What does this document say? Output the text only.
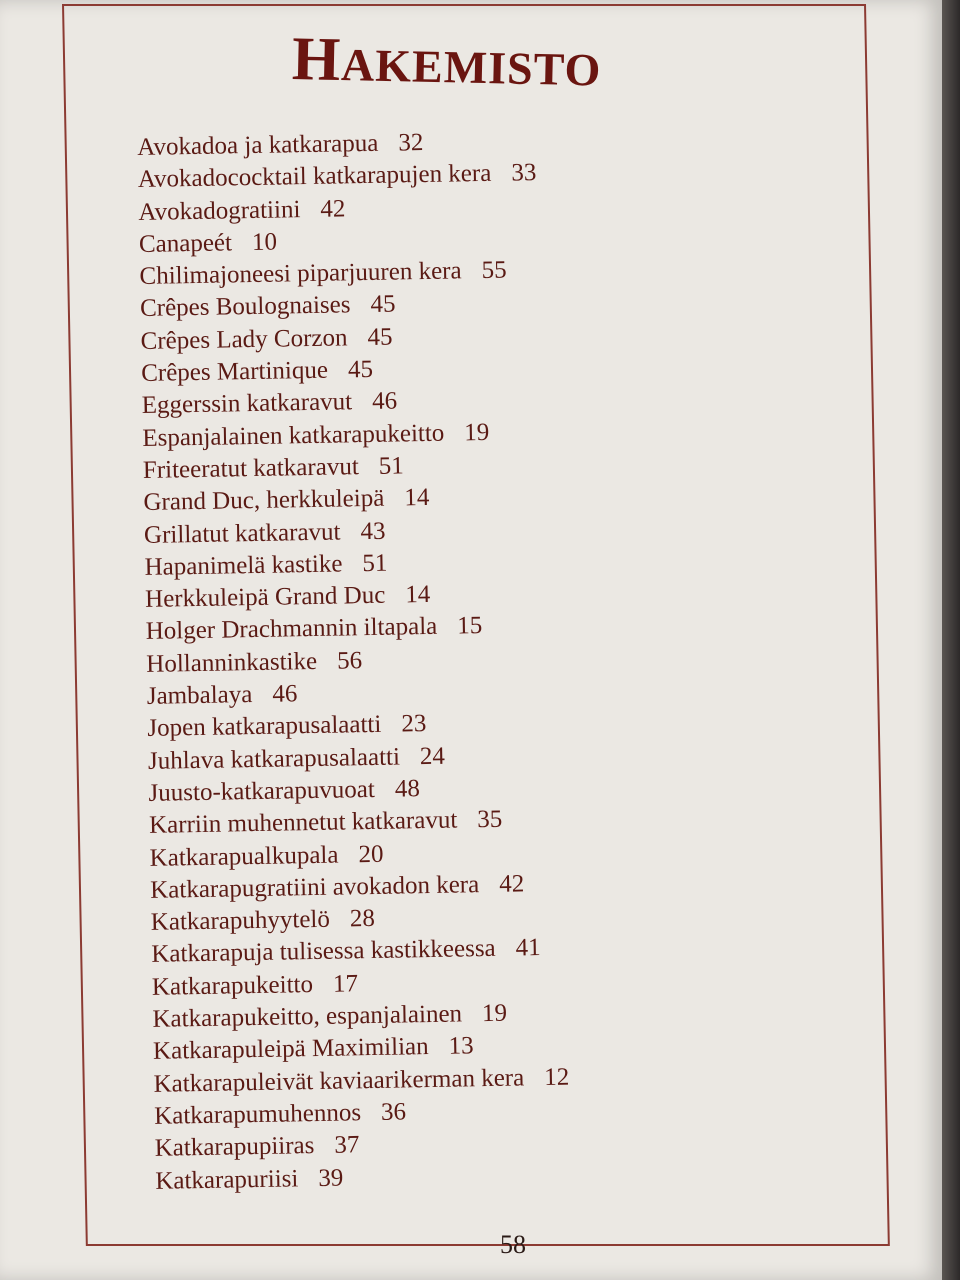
HAKEMISTO
Avokadoa ja katkarapua 32
Avokadococktail katkarapujen kera 33
Avokadogratiini 42
Canapeét 10
Chilimajoneesi piparjuuren kera 55
Crêpes Boulognaises 45
Crêpes Lady Corzon 45
Crêpes Martinique 45
Eggerssin katkaravut 46
Espanjalainen katkarapukeitto 19
Friteeratut katkaravut 51
Grand Duc, herkkuleipä 14
Grillatut katkaravut 43
Hapanimelä kastike 51
Herkkuleipä Grand Duc 14
Holger Drachmannin iltapala 15
Hollanninkastike 56
Jambalaya 46
Jopen katkarapusalaatti 23
Juhlava katkarapusalaatti 24
Juusto-katkarapuvuoat 48
Karriin muhennetut katkaravut 35
Katkarapualkupala 20
Katkarapugratiini avokadon kera 42
Katkarapuhyytelö 28
Katkarapuja tulisessa kastikkeessa 41
Katkarapukeitto 17
Katkarapukeitto, espanjalainen 19
Katkarapuleipä Maximilian 13
Katkarapuleivät kaviaarikerman kera 12
Katkarapumuhennos 36
Katkarapupiiras 37
Katkarapuriisi 39
58
